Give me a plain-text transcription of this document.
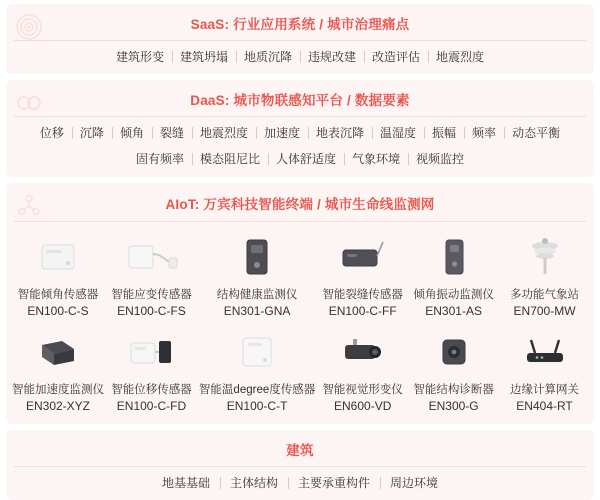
SaaS: 行业应用系统 / 城市治理痛点
建筑形变	建筑坍塌	地质沉降	违规改建	改造评估	地震烈度
DaaS: 城市物联感知平台 / 数据要素
位移	沉降	倾角	裂缝	地震烈度	加速度	地表沉降	温湿度	振幅	频率	动态平衡
固有频率	模态阻尼比	人体舒适度	气象环境	视频监控
AIoT: 万宾科技智能终端 / 城市生命线监测网
智能倾角传感器
EN100-C-S
智能应变传感器
EN100-C-FS
结构健康监测仪
EN301-GNA
智能裂缝传感器
EN100-C-FF
倾角振动监测仪
EN301-AS
多功能气象站
EN700-MW
智能加速度监测仪
EN302-XYZ
智能位移传感器
EN100-C-FD
智能温degree度传感器
EN100-C-T
智能视觉形变仪
EN600-VD
智能结构诊断器
EN300-G
边缘计算网关
EN404-RT
建筑
地基基础	主体结构	主要承重构件	周边环境
